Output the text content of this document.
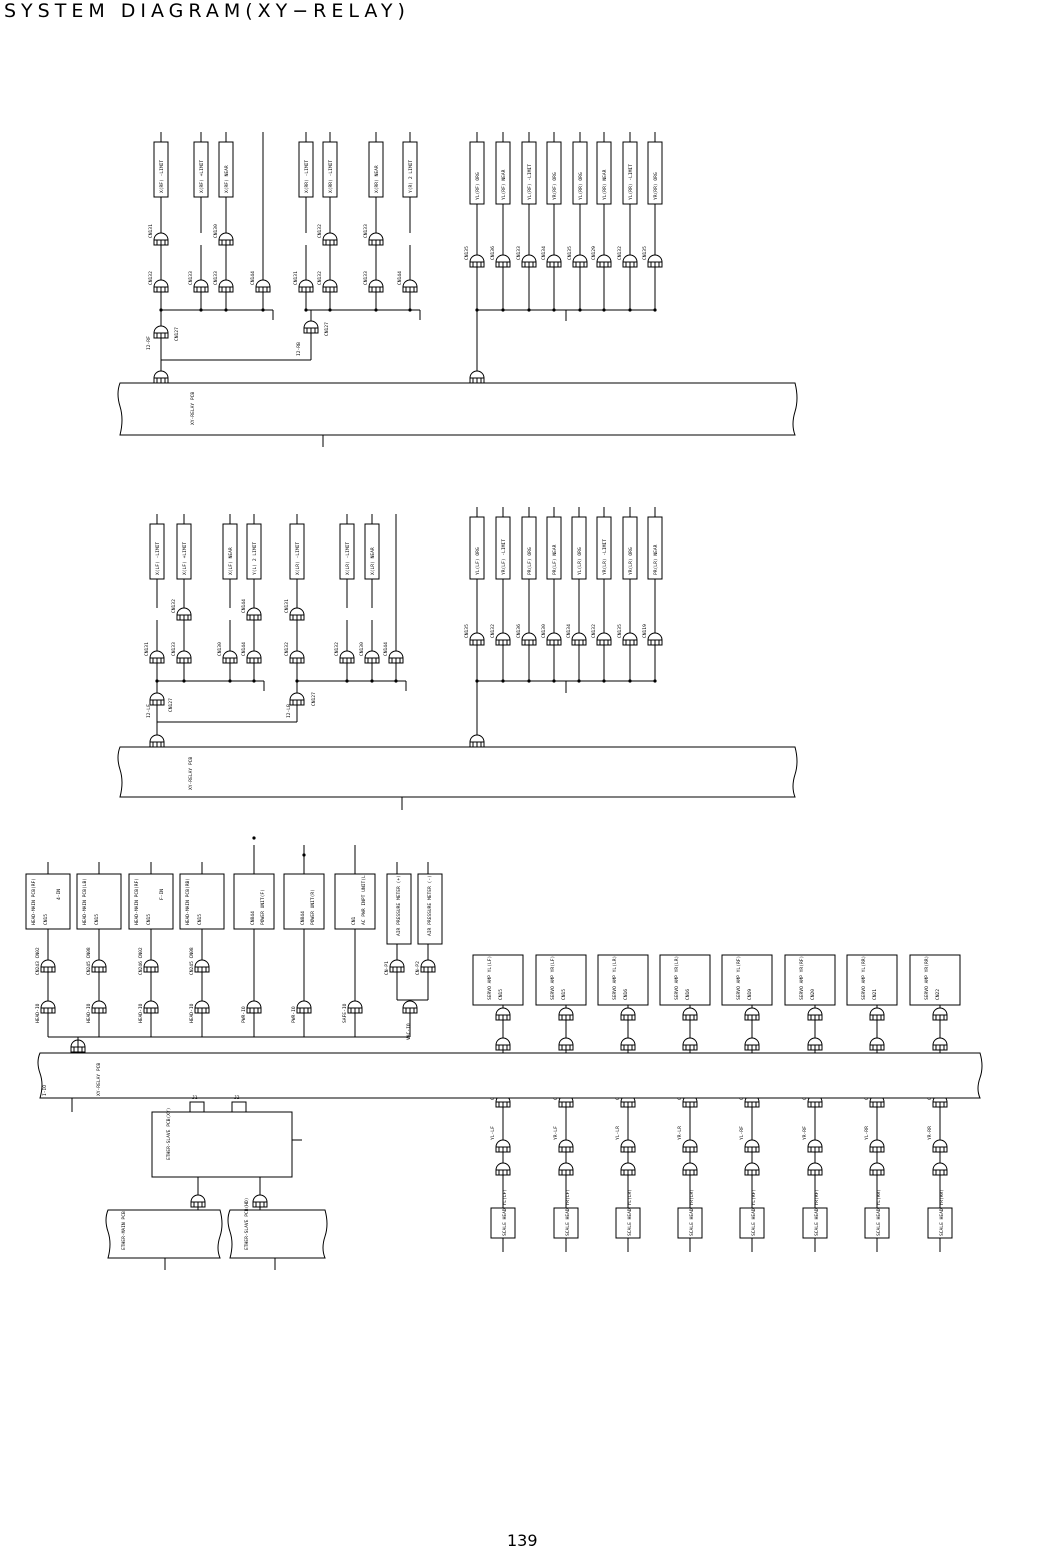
SYSTEM DIAGRAM(XY−RELAY)
X(RF) -LIMIT
CN131
CN132
X(RF) +LIMIT
CN133
X(RF) NEAR
CN130
CN133	CN144
CN127
I2-RF
X(RR) -LIMIT
CN131
X(RR) -LIMIT
CN132
CN132
X(RR) NEAR
CN133
CN133
Y(R) 2 LIMIT
CN144
CN127
I2-RB
YL(RF) ORG
CN135
YL(RF) NEAR
CN136
YL(RF) -LIMIT
CN133
YR(RF) ORG
CN134
YL(RR) ORG
CN135
YL(RR) NEAR
CN129
YL(RR) -LIMIT
CN132
YR(RR) ORG
CN135
XY-RELAY PCB
X(LF) -LIMIT
CN131
X(LF) +LIMIT
CN132
CN133
X(LF) NEAR
CN130
Y(L) 2 LIMIT
CN144
CN144
CN127
I2-LF
X(LR) -LIMIT
CN131
CN132
X(LR) -LIMIT
CN132
X(LR) NEAR
CN130	CN144
CN127
I2-LB
YL(LF) ORG
CN135
YR(LF) -LIMIT
CN132
PR(LF) ORG
CN136
PR(LF) NEAR
CN130
YL(LR) ORG
CN134
YR(LR) -LIMIT
CN132
YR(LR) ORG
CN135
PR(LR) NEAR
CN119
XY-RELAY PCB
HEAD-MAIN PCB(RF)	4-IN
CN15
CN243 CN02
HEAD-IO
HEAD-MAIN PCB(LB) CN15
CN245 CN08
HEAD-IO
HEAD-MAIN PCB(RF)	F-IN
CN15
CN246 CN02
HEAD-IO
HEAD-MAIN PCB(RB) CN15
CN245 CN08
HEAD-IO
POWER UNIT(F)
CN844
PWR-IO
POWER UNIT(R)
CN844
PWR-IO
AC PWR INPT UNIT(L)
CN1
SAFE-IO
AIR PRESSURE METER (+)
CN-P1
AIR PRESSURE METER (-)
CN-P2
VAC-IO
SERVO AMP YL(LF) CN15
YL-LF
SCALE HEAD YL(LF)
SERVO AMP YR(LF) CN15
YR-LF
SCALE HEAD YR(LF)
SERVO AMP YL(LR) CN16
YL-LR
SCALE HEAD YL(LR)
SERVO AMP YR(LR) CN16
YR-LR
SCALE HEAD YR(LR)
SERVO AMP YL(RF) CN19
YL-RF
SCALE HEAD YL(RF)
SERVO AMP YR(RF) CN20
YR-RF
SCALE HEAD YR(RF)
SERVO AMP YL(RR) CN21
YL-RR
SCALE HEAD YL(RR)
SERVO AMP YR(RR) CN22
YR-RR
SCALE HEAD YR(RR)
I-IO	XY-RELAY PCB
ETHER-SLAVE PCB(XY)
J1	J2
ETHER-MAIN PCB	ETHER-SLAVE PCB(HD)
139
